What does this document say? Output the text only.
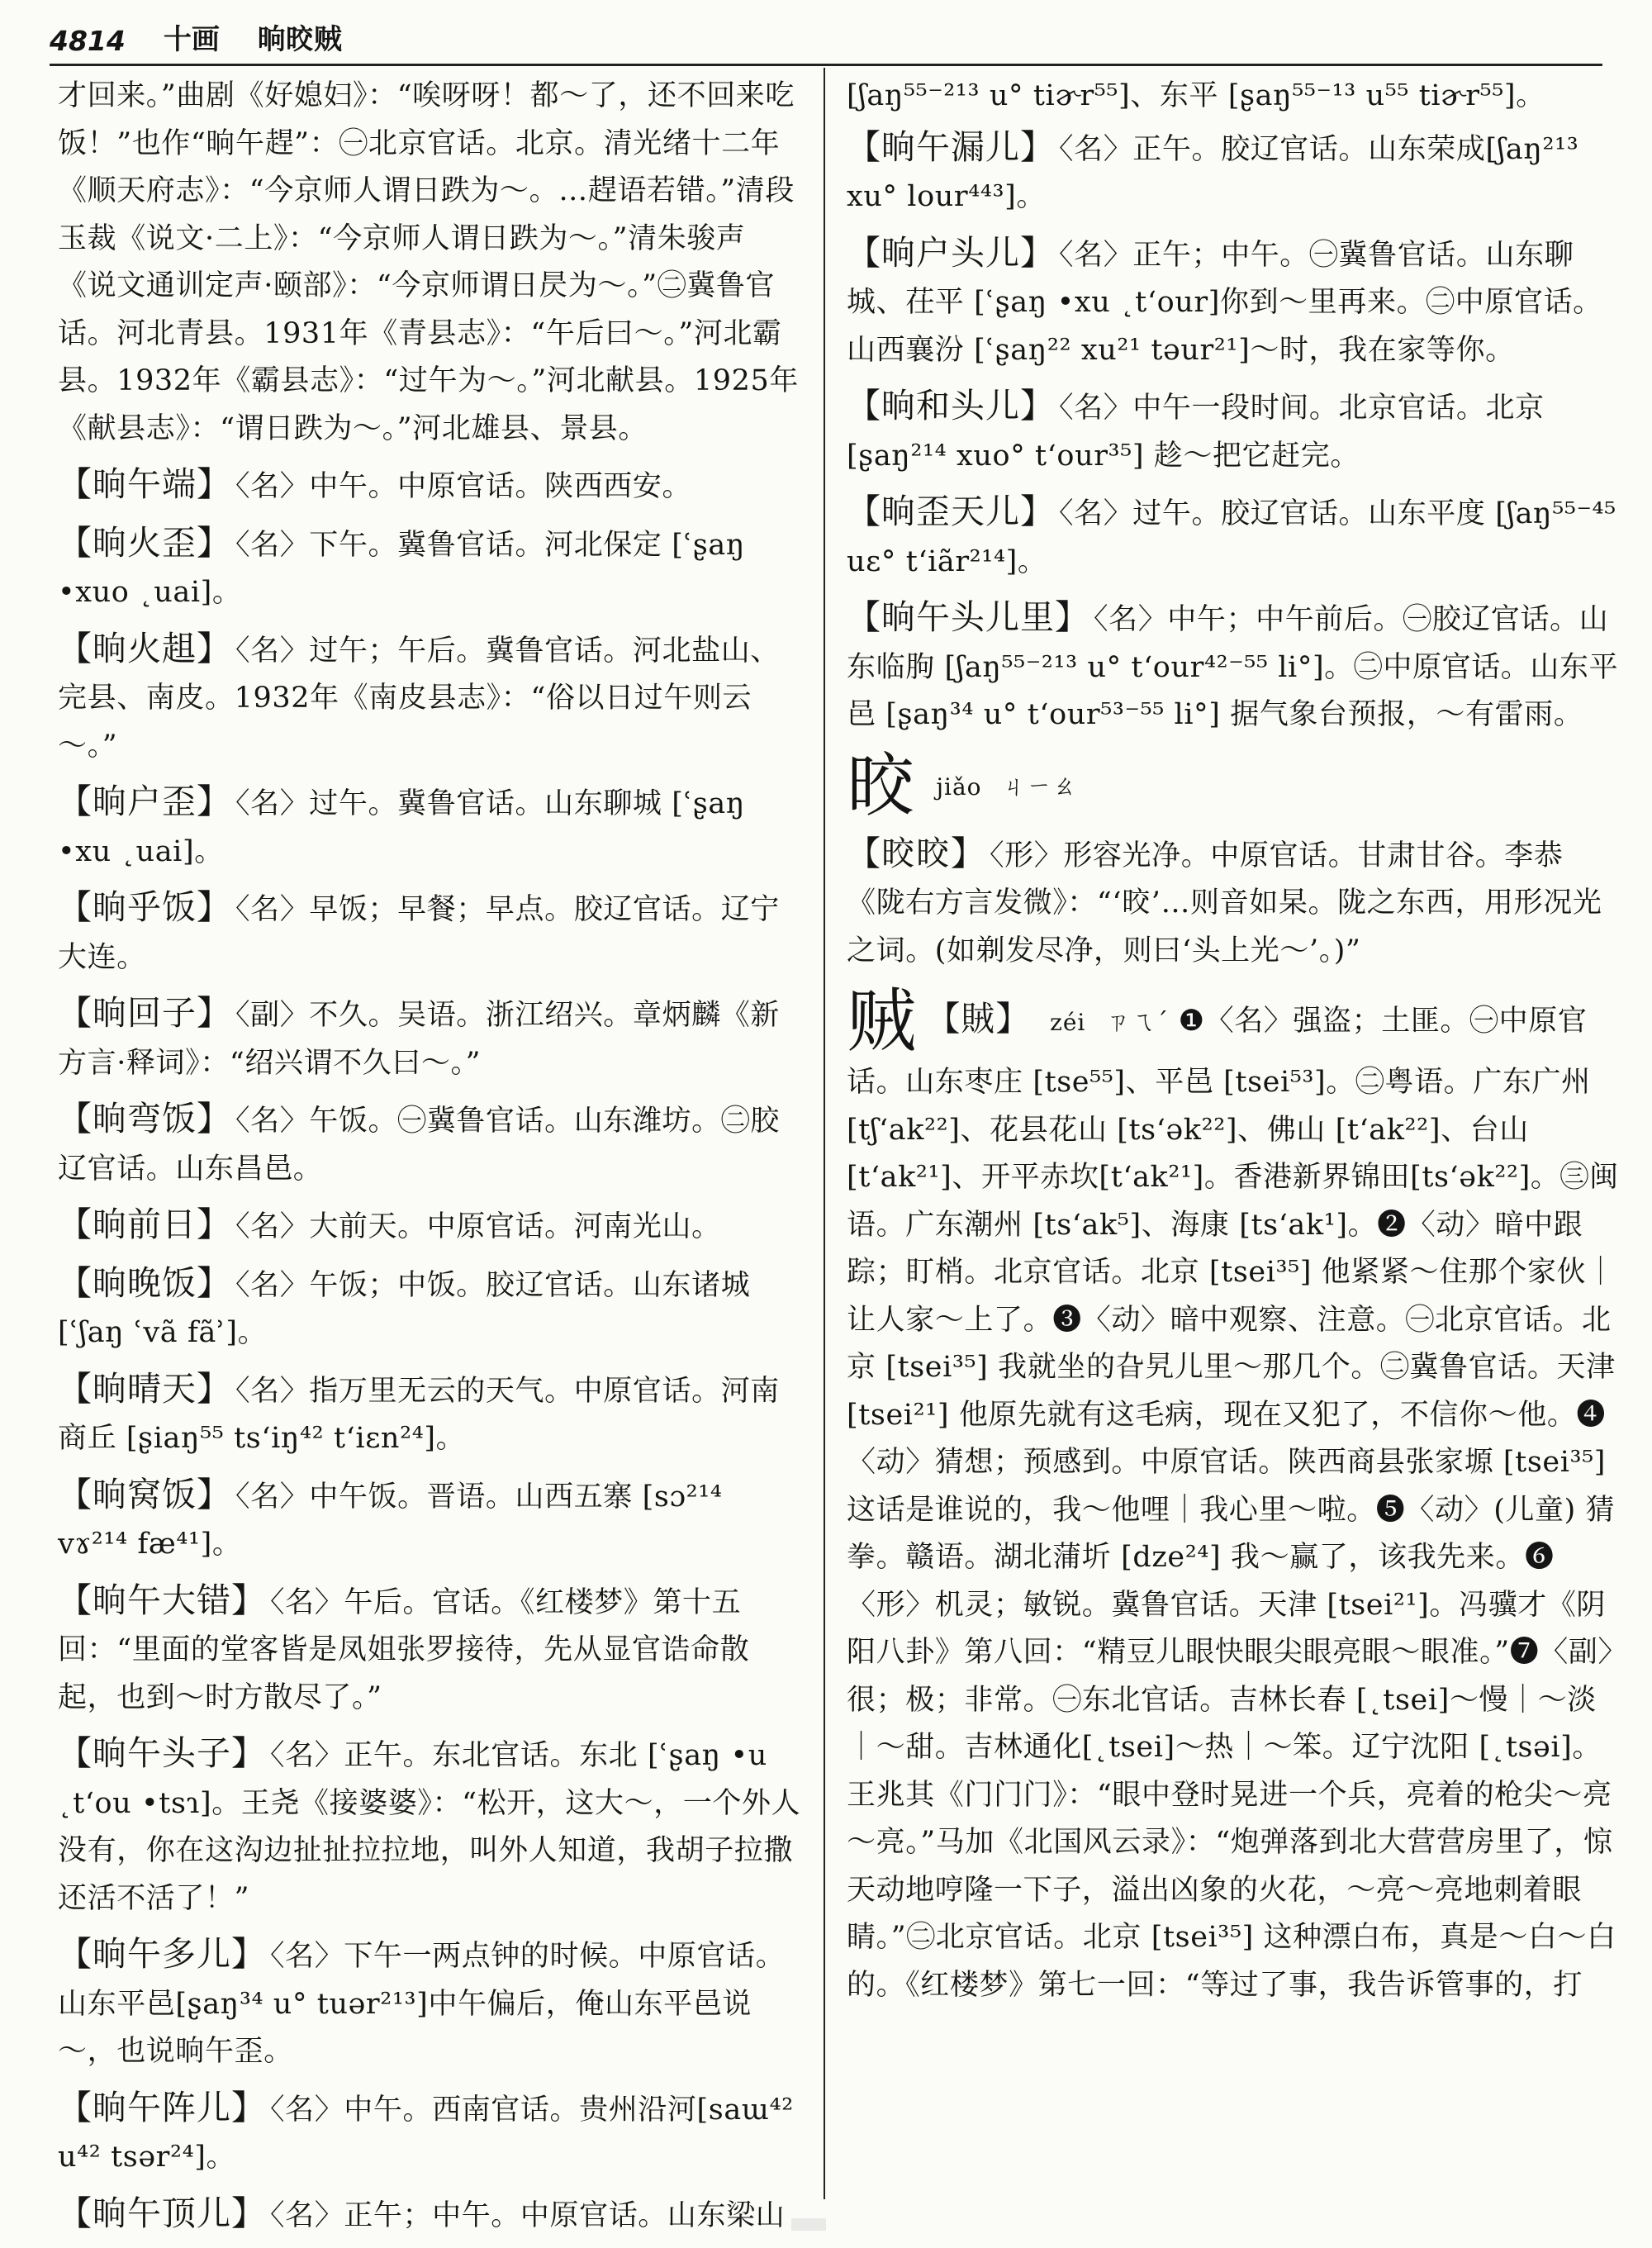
4814 十画 晌晈贼

才回来。”曲剧《好媳妇》：“唉呀呀！都～了，还不回来吃饭！”也作“晌午趕”：㊀北京官话。北京。清光绪十二年《顺天府志》：“今京师人谓日跌为～。…趕语若错。”清段玉裁《说文·二上》：“今京师人谓日跌为～。”清朱骏声《说文通训定声·颐部》：“今京师谓日昃为～。”㊁冀鲁官话。河北青县。1931年《青县志》：“午后曰～。”河北霸县。1932年《霸县志》：“过午为～。”河北献县。1925年《献县志》：“谓日跌为～。”河北雄县、景县。

【晌午端】 〈名〉中午。中原官话。陕西西安。

【晌火歪】 〈名〉下午。冀鲁官话。河北保定 [ʿʂaŋ •xuo ˛uai]。

【晌火趄】 〈名〉过午；午后。冀鲁官话。河北盐山、完县、南皮。1932年《南皮县志》：“俗以日过午则云～。”

【晌户歪】 〈名〉过午。冀鲁官话。山东聊城 [ʿʂaŋ •xu ˛uai]。

【晌乎饭】 〈名〉早饭；早餐；早点。胶辽官话。辽宁大连。

【晌回子】 〈副〉不久。吴语。浙江绍兴。章炳麟《新方言·释词》：“绍兴谓不久曰～。”

【晌弯饭】 〈名〉午饭。㊀冀鲁官话。山东潍坊。㊁胶辽官话。山东昌邑。

【晌前日】 〈名〉大前天。中原官话。河南光山。

【晌晚饭】 〈名〉午饭；中饭。胶辽官话。山东诸城 [ʿʃaŋ ʿvã fãʾ]。

【晌晴天】 〈名〉指万里无云的天气。中原官话。河南商丘 [ʂiaŋ⁵⁵ ts‘iŋ⁴² t‘iɛn²⁴]。

【晌窝饭】 〈名〉中午饭。晋语。山西五寨 [sɔ²¹⁴ vɤ²¹⁴ fæ⁴¹]。

【晌午大错】 〈名〉午后。官话。《红楼梦》第十五回：“里面的堂客皆是凤姐张罗接待，先从显官诰命散起，也到～时方散尽了。”

【晌午头子】 〈名〉正午。东北官话。东北 [ʿʂaŋ •u ˛t‘ou •tsɿ]。王尧《接婆婆》：“松开，这大～，一个外人没有，你在这沟边扯扯拉拉地，叫外人知道，我胡子拉撒还活不活了！”

【晌午多儿】 〈名〉下午一两点钟的时候。中原官话。山东平邑[ʂaŋ³⁴ u° tuər²¹³]中午偏后，俺山东平邑说～，也说晌午歪。

【晌午阵儿】 〈名〉中午。西南官话。贵州沿河[saɯ⁴² u⁴² tsər²⁴]。

【晌午顶儿】 〈名〉正午；中午。中原官话。山东梁山

[ʃaŋ⁵⁵⁻²¹³ u° tiɚr⁵⁵]、东平 [ʂaŋ⁵⁵⁻¹³ u⁵⁵ tiɚr⁵⁵]。

【晌午漏儿】 〈名〉正午。胶辽官话。山东荣成[ʃaŋ²¹³ xu° lour⁴⁴³]。

【晌户头儿】 〈名〉正午；中午。㊀冀鲁官话。山东聊城、茌平 [ʿʂaŋ •xu ˛t‘our]你到～里再来。㊁中原官话。山西襄汾 [ʿʂaŋ²² xu²¹ təur²¹]～时，我在家等你。

【晌和头儿】 〈名〉中午一段时间。北京官话。北京 [ʂaŋ²¹⁴ xuo° t‘our³⁵] 趁～把它赶完。

【晌歪天儿】 〈名〉过午。胶辽官话。山东平度 [ʃaŋ⁵⁵⁻⁴⁵ uɛ° t‘iãr²¹⁴]。

【晌午头儿里】 〈名〉中午；中午前后。㊀胶辽官话。山东临朐 [ʃaŋ⁵⁵⁻²¹³ u° t‘our⁴²⁻⁵⁵ li°]。㊁中原官话。山东平邑 [ʂaŋ³⁴ u° t‘our⁵³⁻⁵⁵ li°] 据气象台预报，～有雷雨。

晈 jiǎo ㄐㄧㄠ

【晈晈】 〈形〉形容光净。中原官话。甘肃甘谷。李恭《陇右方言发微》：“‘晈’…则音如杲。陇之东西，用形况光之词。(如剃发尽净，则曰‘头上光～’。)”

贼 【賊】 zéi ㄗㄟˊ ❶〈名〉强盗；土匪。㊀中原官话。山东枣庄 [tse⁵⁵]、平邑 [tsei⁵³]。㊁粤语。广东广州 [tʃ‘ak²²]、花县花山 [ts‘ək²²]、佛山 [t‘ak²²]、台山 [t‘ak²¹]、开平赤坎[t‘ak²¹]。香港新界锦田[ts‘ək²²]。㊂闽语。广东潮州 [ts‘ak⁵]、海康 [ts‘ak¹]。❷〈动〉暗中跟踪；盯梢。北京官话。北京 [tsei³⁵] 他紧紧～住那个家伙｜让人家～上了。❸〈动〉暗中观察、注意。㊀北京官话。北京 [tsei³⁵] 我就坐的旮旯儿里～那几个。㊁冀鲁官话。天津 [tsei²¹] 他原先就有这毛病，现在又犯了，不信你～他。❹〈动〉猜想；预感到。中原官话。陕西商县张家塬 [tsei³⁵] 这话是谁说的，我～他哩｜我心里～啦。❺〈动〉(儿童) 猜拳。赣语。湖北蒲圻 [dze²⁴] 我～赢了，该我先来。❻〈形〉机灵；敏锐。冀鲁官话。天津 [tsei²¹]。冯骥才《阴阳八卦》第八回：“精豆儿眼快眼尖眼亮眼～眼准。”❼〈副〉很；极；非常。㊀东北官话。吉林长春 [˛tsei]～慢｜～淡｜～甜。吉林通化[˛tsei]～热｜～笨。辽宁沈阳 [˛tsəi]。王兆其《门门门》：“眼中登时晃进一个兵，亮着的枪尖～亮～亮。”马加《北国风云录》：“炮弹落到北大营营房里了，惊天动地哼隆一下子，溢出凶象的火花，～亮～亮地刺着眼睛。”㊁北京官话。北京 [tsei³⁵] 这种漂白布，真是～白～白的。《红楼梦》第七一回：“等过了事，我告诉管事的，打
